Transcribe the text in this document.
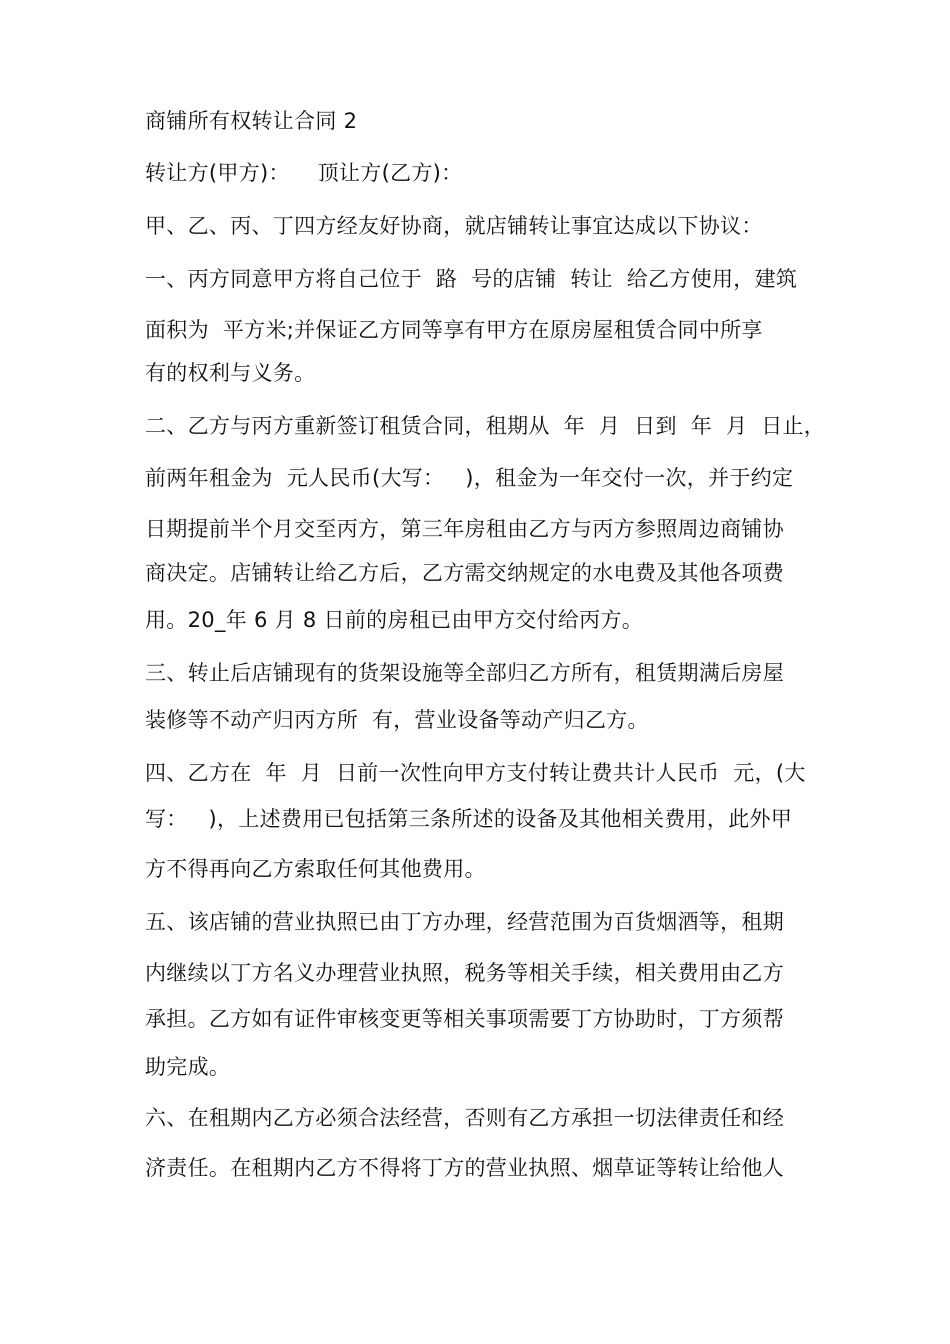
商铺所有权转让合同 2
转让方(甲方)：    顶让方(乙方)：
甲、乙、丙、丁四方经友好协商，就店铺转让事宜达成以下协议：
一、丙方同意甲方将自己位于  路  号的店铺  转让  给乙方使用，建筑
面积为  平方米;并保证乙方同等享有甲方在原房屋租赁合同中所享
有的权利与义务。
二、乙方与丙方重新签订租赁合同，租期从  年  月  日到  年  月  日止，
前两年租金为  元人民币(大写：   )，租金为一年交付一次，并于约定
日期提前半个月交至丙方，第三年房租由乙方与丙方参照周边商铺协
商决定。店铺转让给乙方后，乙方需交纳规定的水电费及其他各项费
用。20_年 6 月 8 日前的房租已由甲方交付给丙方。
三、转止后店铺现有的货架设施等全部归乙方所有，租赁期满后房屋
装修等不动产归丙方所  有，营业设备等动产归乙方。
四、乙方在  年  月  日前一次性向甲方支付转让费共计人民币  元，(大
写：   )，上述费用已包括第三条所述的设备及其他相关费用，此外甲
方不得再向乙方索取任何其他费用。
五、该店铺的营业执照已由丁方办理，经营范围为百货烟酒等，租期
内继续以丁方名义办理营业执照，税务等相关手续，相关费用由乙方
承担。乙方如有证件审核变更等相关事项需要丁方协助时，丁方须帮
助完成。
六、在租期内乙方必须合法经营，否则有乙方承担一切法律责任和经
济责任。在租期内乙方不得将丁方的营业执照、烟草证等转让给他人
